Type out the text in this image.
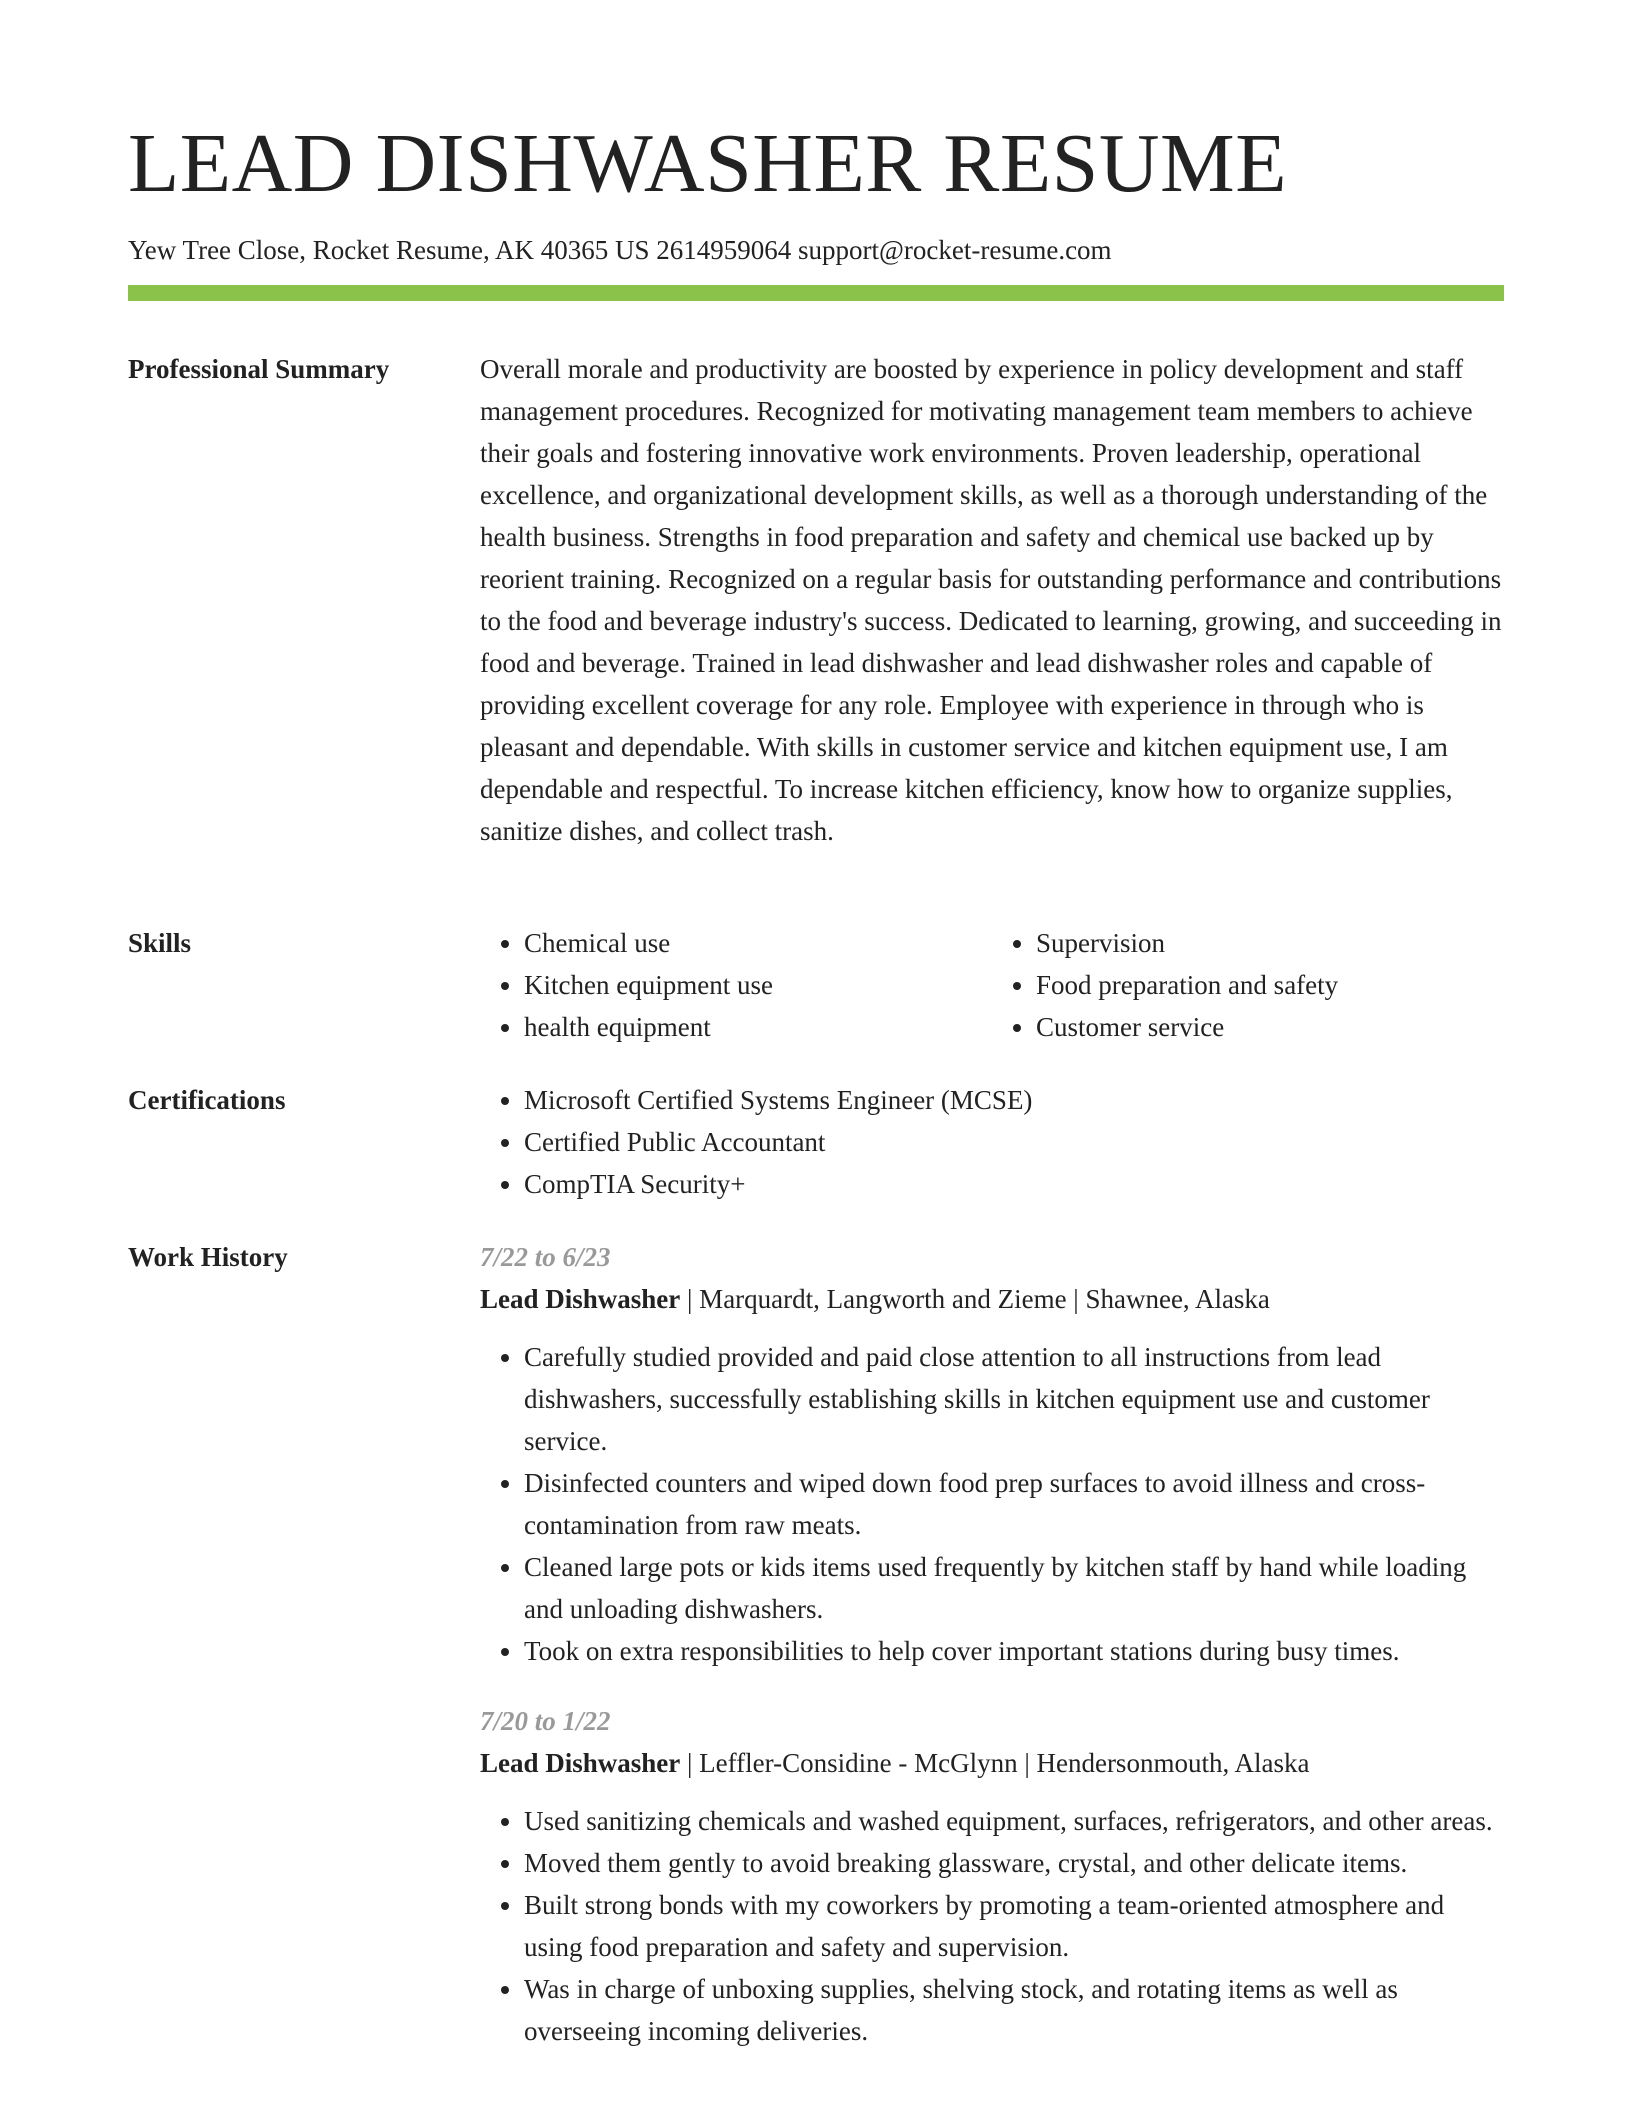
LEAD DISHWASHER RESUME
Yew Tree Close, Rocket Resume, AK 40365 US 2614959064 support@rocket-resume.com
Professional Summary	Overall morale and productivity are boosted by experience in policy development and staff management procedures. Recognized for motivating management team members to achieve their goals and fostering innovative work environments. Proven leadership, operational excellence, and organizational development skills, as well as a thorough understanding of the health business. Strengths in food preparation and safety and chemical use backed up by reorient training. Recognized on a regular basis for outstanding performance and contributions to the food and beverage industry's success. Dedicated to learning, growing, and succeeding in food and beverage. Trained in lead dishwasher and lead dishwasher roles and capable of providing excellent coverage for any role. Employee with experience in through who is pleasant and dependable. With skills in customer service and kitchen equipment use, I am dependable and respectful. To increase kitchen efficiency, know how to organize supplies, sanitize dishes, and collect trash.

Skills	• Chemical use
• Kitchen equipment use
• health equipment
• Supervision
• Food preparation and safety
• Customer service
Certifications	• Microsoft Certified Systems Engineer (MCSE)
• Certified Public Accountant
• CompTIA Security+
Work History	7/22 to 6/23
Lead Dishwasher | Marquardt, Langworth and Zieme | Shawnee, Alaska
• Carefully studied provided and paid close attention to all instructions from lead dishwashers, successfully establishing skills in kitchen equipment use and customer service.
• Disinfected counters and wiped down food prep surfaces to avoid illness and cross-contamination from raw meats.
• Cleaned large pots or kids items used frequently by kitchen staff by hand while loading and unloading dishwashers.
• Took on extra responsibilities to help cover important stations during busy times.
7/20 to 1/22
Lead Dishwasher | Leffler-Considine - McGlynn | Hendersonmouth, Alaska
• Used sanitizing chemicals and washed equipment, surfaces, refrigerators, and other areas.
• Moved them gently to avoid breaking glassware, crystal, and other delicate items.
• Built strong bonds with my coworkers by promoting a team-oriented atmosphere and using food preparation and safety and supervision.
• Was in charge of unboxing supplies, shelving stock, and rotating items as well as overseeing incoming deliveries.
